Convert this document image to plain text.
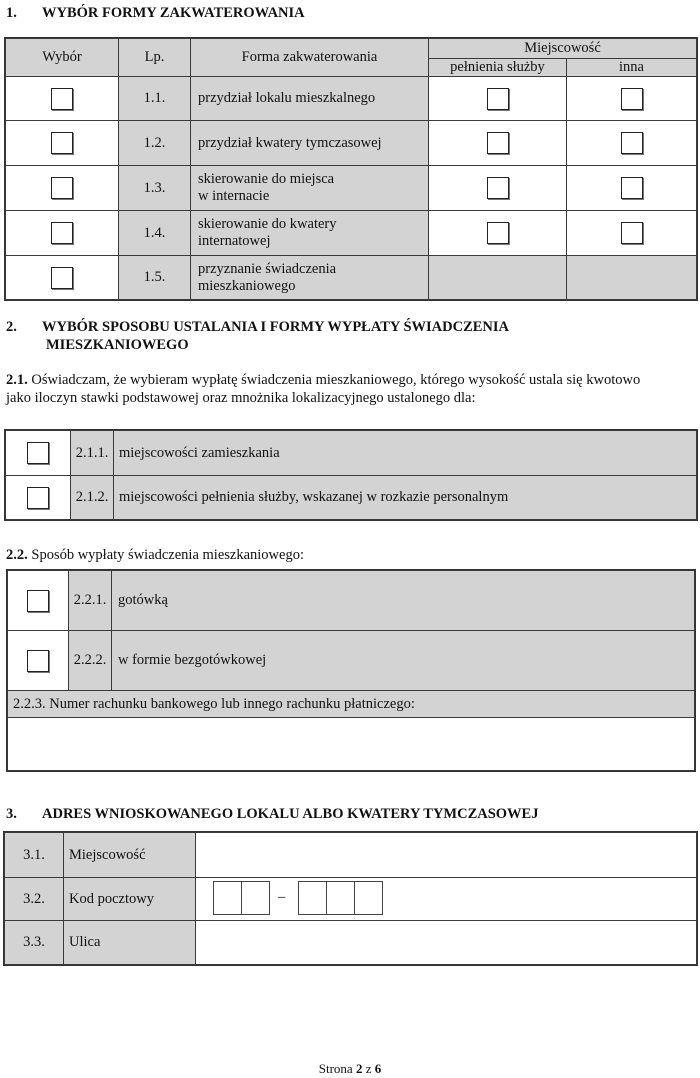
1. WYBÓR FORMY ZAKWATEROWANIA
Wybór	Lp.	Forma zakwaterowania
Miejscowość
pełnienia służby	inna
1.1.	przydział lokalu mieszkalnego
1.2.	przydział kwatery tymczasowej
1.3.
skierowanie do miejsca
w internacie
1.4.
skierowanie do kwatery
internatowej
1.5.
przyznanie świadczenia
mieszkaniowego
2. WYBÓR SPOSOBU USTALANIA I FORMY WYPŁATY ŚWIADCZENIA
MIESZKANIOWEGO
2.1. Oświadczam, że wybieram wypłatę świadczenia mieszkaniowego, którego wysokość ustala się kwotowo
jako iloczyn stawki podstawowej oraz mnożnika lokalizacyjnego ustalonego dla:
2.1.1. miejscowości zamieszkania
2.1.2. miejscowości pełnienia służby, wskazanej w rozkazie personalnym
2.2. Sposób wypłaty świadczenia mieszkaniowego:
2.2.1. gotówką
2.2.2. w formie bezgotówkowej
2.2.3. Numer rachunku bankowego lub innego rachunku płatniczego:
3. ADRES WNIOSKOWANEGO LOKALU ALBO KWATERY TYMCZASOWEJ
3.1.	Miejscowość
3.2.	Kod pocztowy
3.3.	Ulica
–
Strona 2 z 6
